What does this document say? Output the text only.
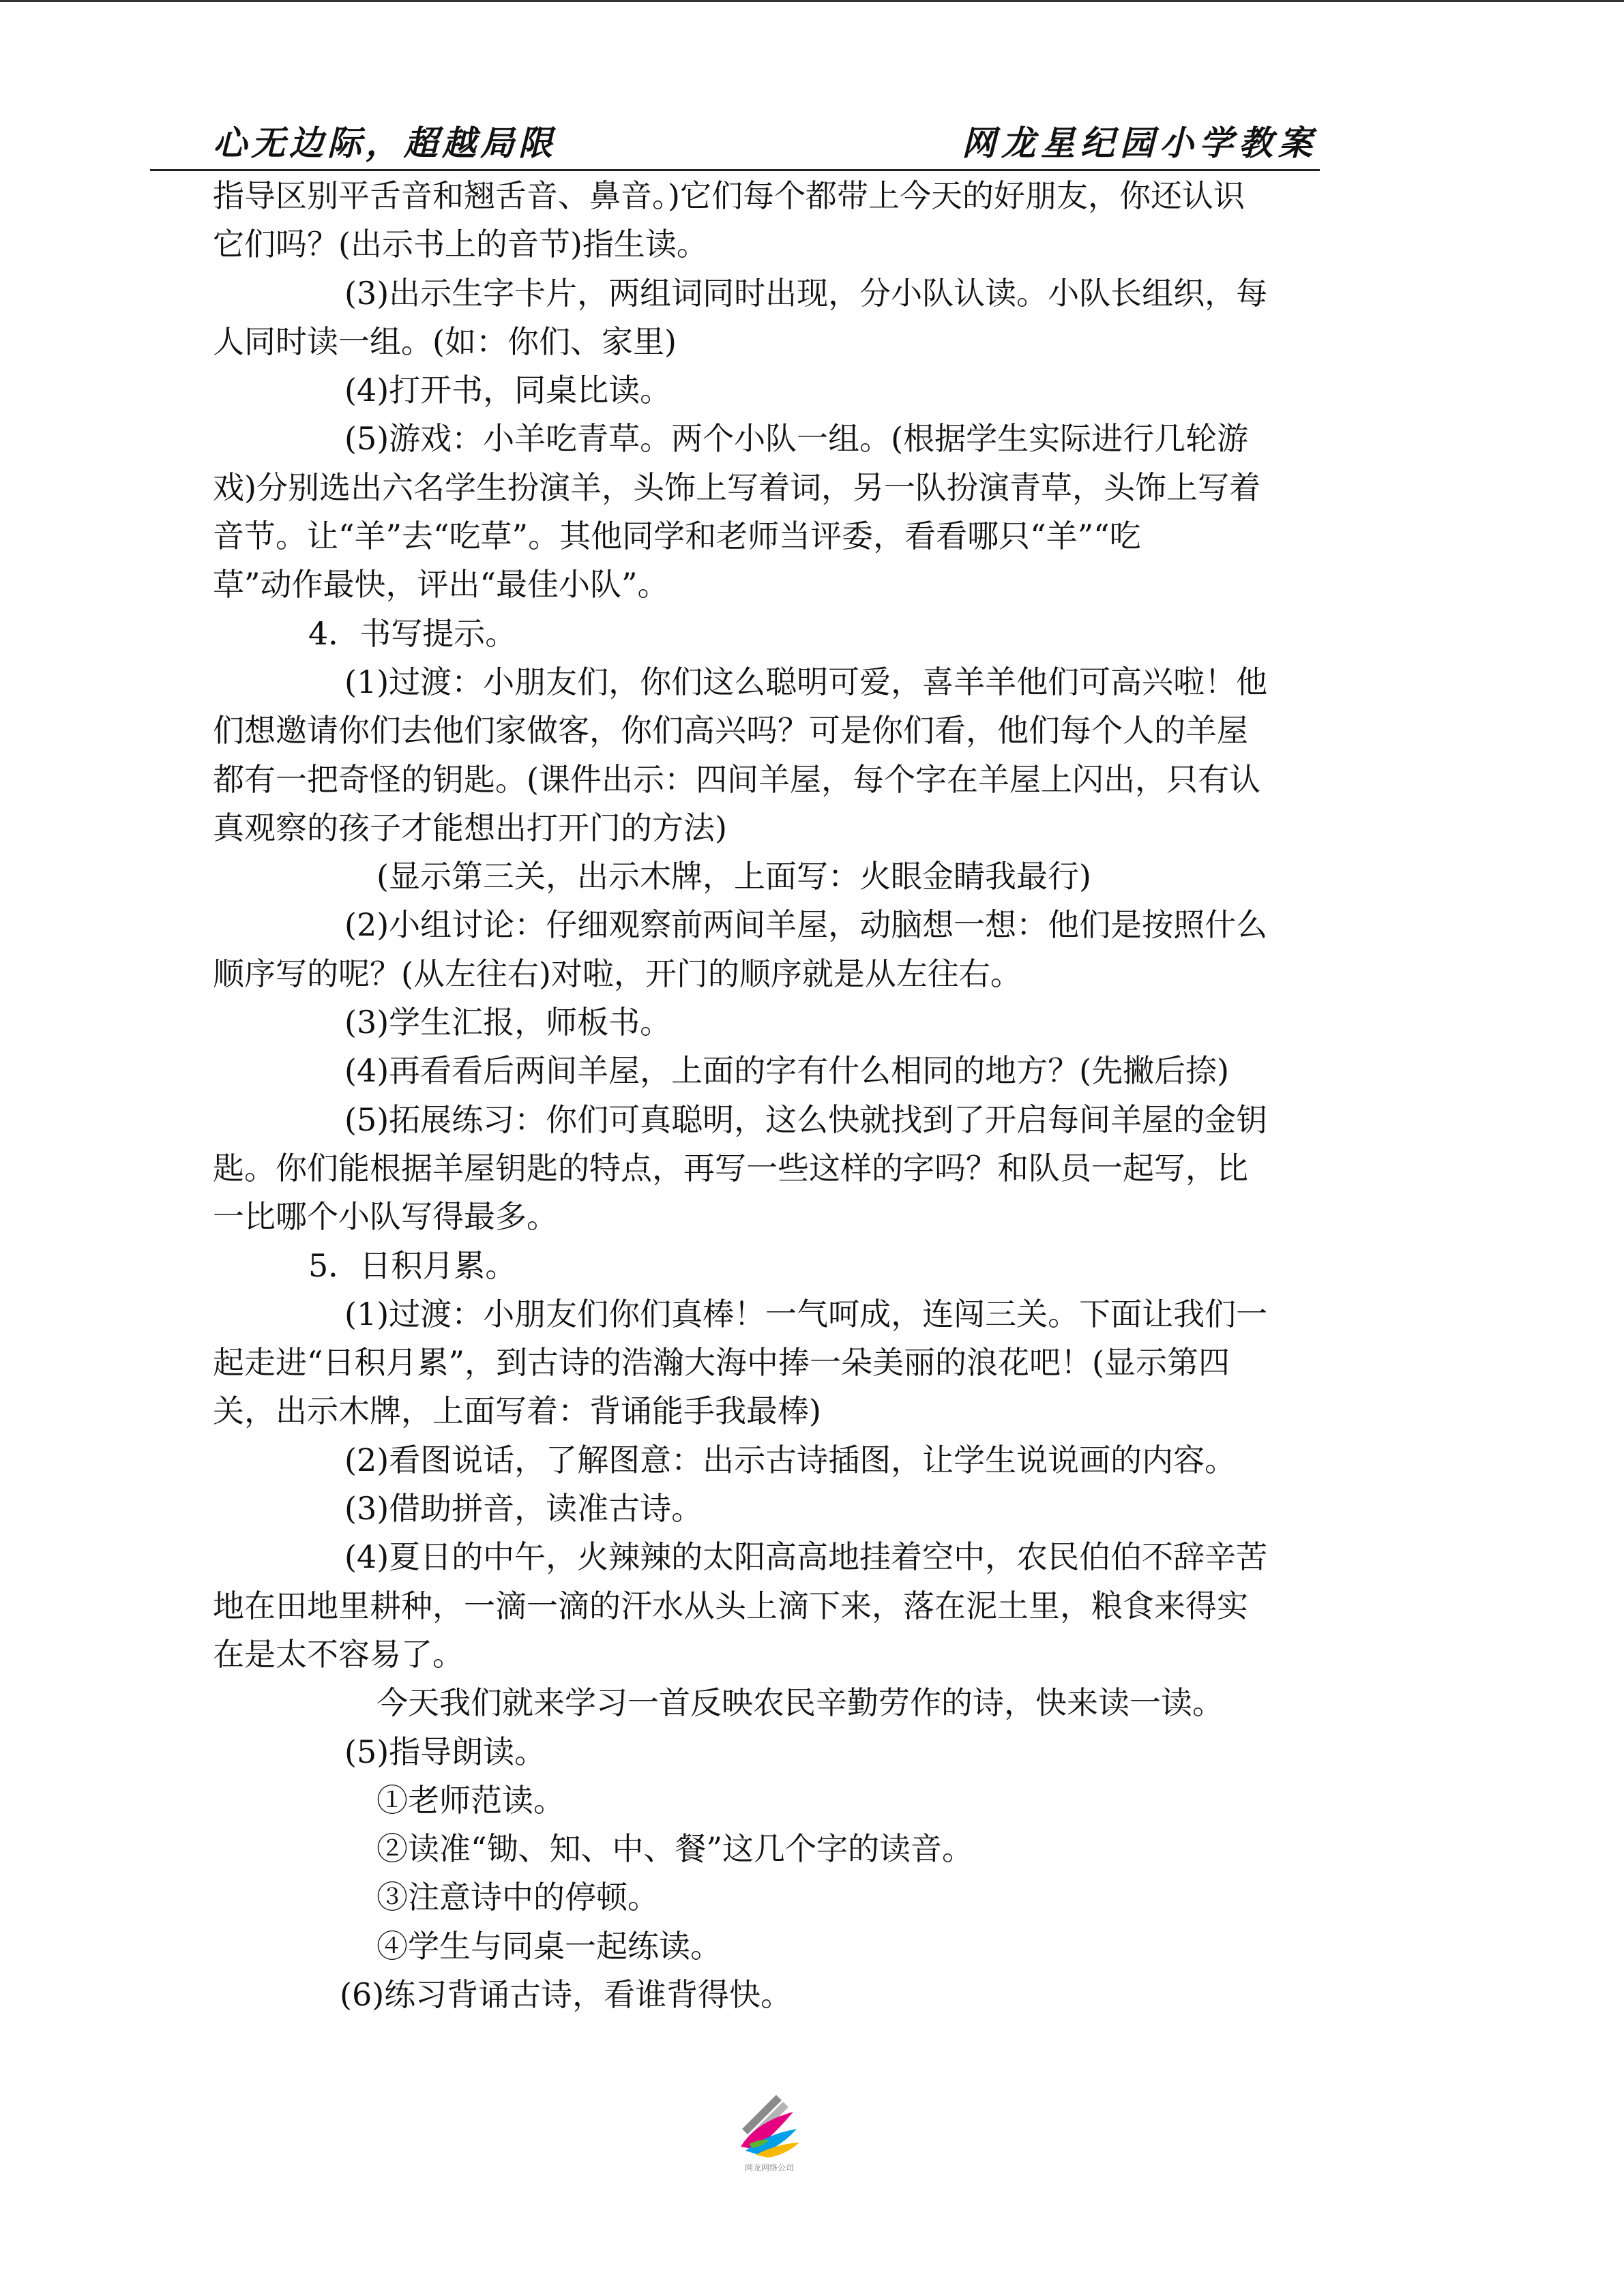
心无边际，超越局限	网龙星纪园小学教案
指导区别平舌音和翘舌音、鼻音。)它们每个都带上今天的好朋友，你还认识
它们吗？(出示书上的音节)指生读。
(3)出示生字卡片，两组词同时出现，分小队认读。小队长组织，每
人同时读一组。(如：你们、家里)
(4)打开书，同桌比读。
(5)游戏：小羊吃青草。两个小队一组。(根据学生实际进行几轮游
戏)分别选出六名学生扮演羊，头饰上写着词，另一队扮演青草，头饰上写着
音节。让“羊”去“吃草”。其他同学和老师当评委，看看哪只“羊”“吃
草”动作最快，评出“最佳小队”。
4．书写提示。
(1)过渡：小朋友们，你们这么聪明可爱，喜羊羊他们可高兴啦！他
们想邀请你们去他们家做客，你们高兴吗？可是你们看，他们每个人的羊屋
都有一把奇怪的钥匙。(课件出示：四间羊屋，每个字在羊屋上闪出，只有认
真观察的孩子才能想出打开门的方法)
(显示第三关，出示木牌，上面写：火眼金睛我最行)
(2)小组讨论：仔细观察前两间羊屋，动脑想一想：他们是按照什么
顺序写的呢？(从左往右)对啦，开门的顺序就是从左往右。
(3)学生汇报，师板书。
(4)再看看后两间羊屋，上面的字有什么相同的地方？(先撇后捺)
(5)拓展练习：你们可真聪明，这么快就找到了开启每间羊屋的金钥
匙。你们能根据羊屋钥匙的特点，再写一些这样的字吗？和队员一起写，比
一比哪个小队写得最多。
5．日积月累。
(1)过渡：小朋友们你们真棒！一气呵成，连闯三关。下面让我们一
起走进“日积月累”，到古诗的浩瀚大海中捧一朵美丽的浪花吧！(显示第四
关，出示木牌，上面写着：背诵能手我最棒)
(2)看图说话，了解图意：出示古诗插图，让学生说说画的内容。
(3)借助拼音，读准古诗。
(4)夏日的中午，火辣辣的太阳高高地挂着空中，农民伯伯不辞辛苦
地在田地里耕种，一滴一滴的汗水从头上滴下来，落在泥土里，粮食来得实
在是太不容易了。
今天我们就来学习一首反映农民辛勤劳作的诗，快来读一读。
(5)指导朗读。
①老师范读。
②读准“锄、知、中、餐”这几个字的读音。
③注意诗中的停顿。
④学生与同桌一起练读。
(6)练习背诵古诗，看谁背得快。
网龙网络公司
